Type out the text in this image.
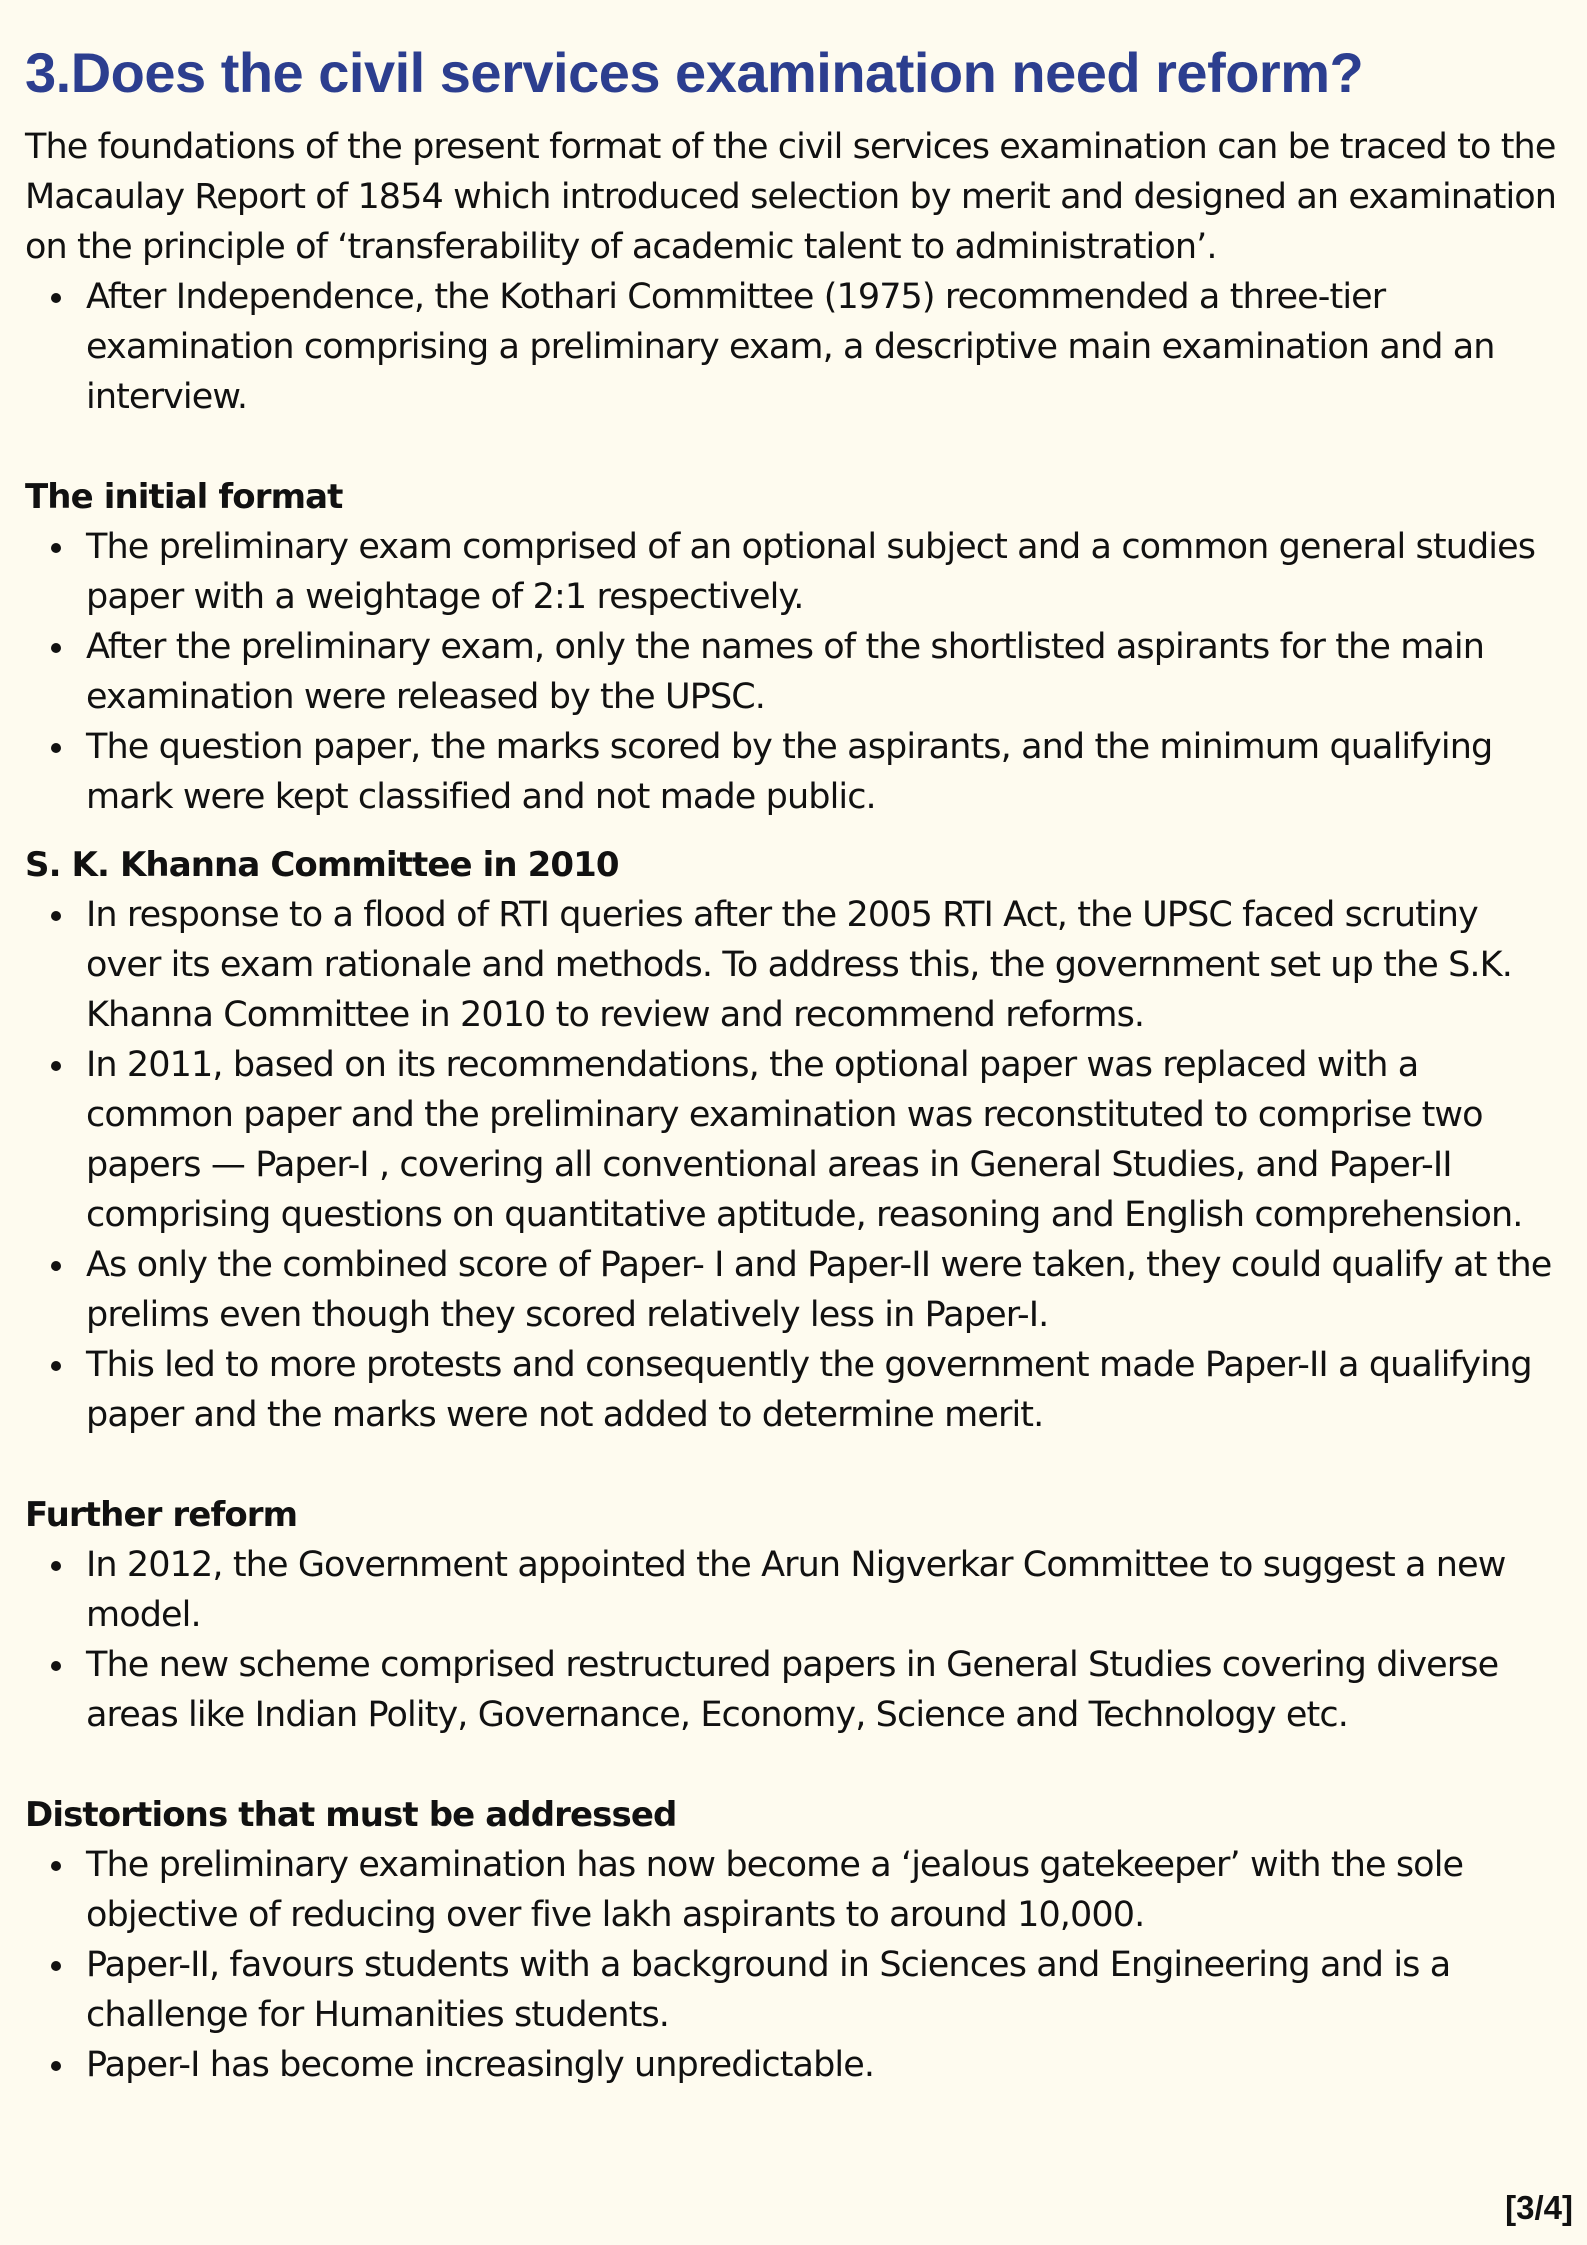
3.Does the civil services examination need reform?

The foundations of the present format of the civil services examination can be traced to the Macaulay Report of 1854 which introduced selection by merit and designed an examination on the principle of ‘transferability of academic talent to administration’.

After Independence, the Kothari Committee (1975) recommended a three-tier examination comprising a preliminary exam, a descriptive main examination and an interview.
The initial format
The preliminary exam comprised of an optional subject and a common general studies paper with a weightage of 2:1 respectively.
After the preliminary exam, only the names of the shortlisted aspirants for the main examination were released by the UPSC.
The question paper, the marks scored by the aspirants, and the minimum qualifying mark were kept classified and not made public.
S. K. Khanna Committee in 2010
In response to a flood of RTI queries after the 2005 RTI Act, the UPSC faced scrutiny over its exam rationale and methods. To address this, the government set up the S.K. Khanna Committee in 2010 to review and recommend reforms.
In 2011, based on its recommendations, the optional paper was replaced with a common paper and the preliminary examination was reconstituted to comprise two papers — Paper-I , covering all conventional areas in General Studies, and Paper-II comprising questions on quantitative aptitude, reasoning and English comprehension.
As only the combined score of Paper- I and Paper-II were taken, they could qualify at the prelims even though they scored relatively less in Paper-I.
This led to more protests and consequently the government made Paper-II a qualifying paper and the marks were not added to determine merit.
Further reform
In 2012, the Government appointed the Arun Nigverkar Committee to suggest a new model.
The new scheme comprised restructured papers in General Studies covering diverse areas like Indian Polity, Governance, Economy, Science and Technology etc.
Distortions that must be addressed
The preliminary examination has now become a ‘jealous gatekeeper’ with the sole objective of reducing over five lakh aspirants to around 10,000.
Paper-II, favours students with a background in Sciences and Engineering and is a challenge for Humanities students.
Paper-I has become increasingly unpredictable.
[3/4]
